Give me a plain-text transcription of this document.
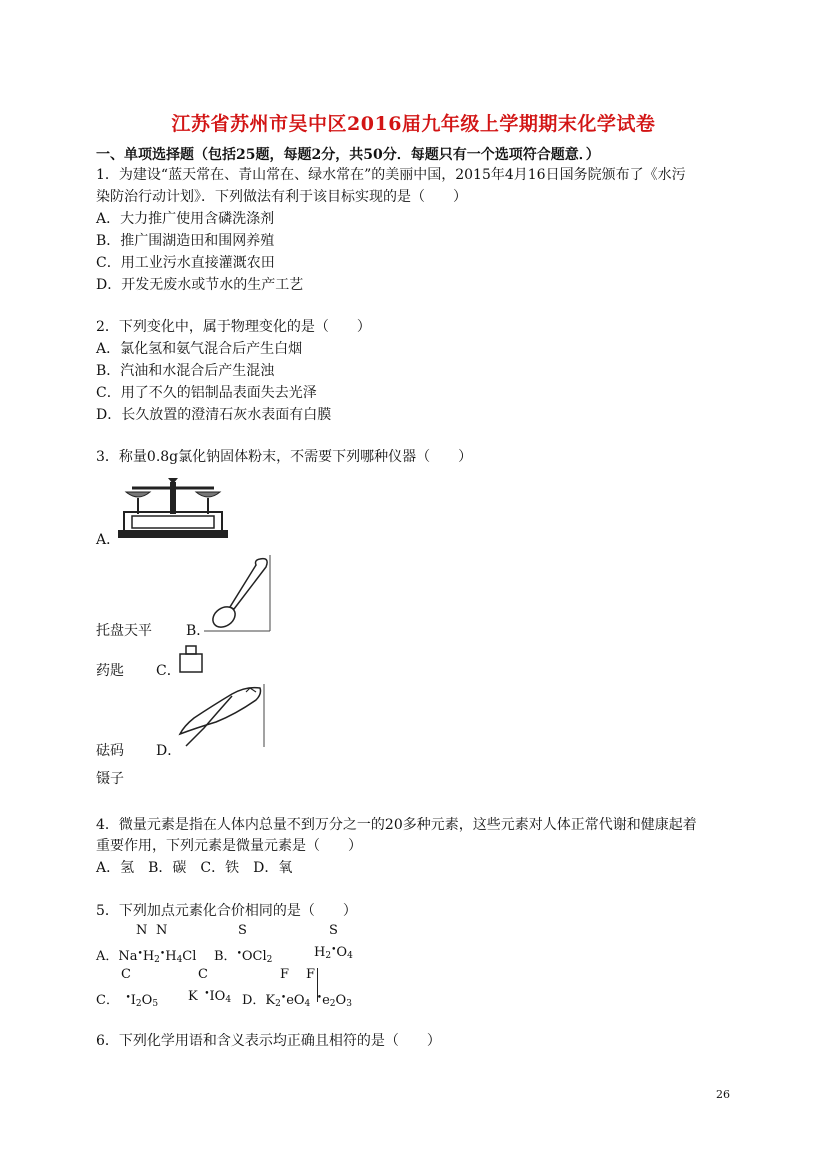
江苏省苏州市吴中区2016届九年级上学期期末化学试卷
一、单项选择题（包括25题，每题2分，共50分．每题只有一个选项符合题意．）
1．为建设“蓝天常在、青山常在、绿水常在”的美丽中国，2015年4月16日国务院颁布了《水污
染防治行动计划》．下列做法有利于该目标实现的是（　　）
A．大力推广使用含磷洗涤剂
B．推广围湖造田和围网养殖
C．用工业污水直接灌溉农田
D．开发无废水或节水的生产工艺
2．下列变化中，属于物理变化的是（　　）
A．氯化氢和氨气混合后产生白烟
B．汽油和水混合后产生混浊
C．用了不久的铝制品表面失去光泽
D．长久放置的澄清石灰水表面有白膜
3．称量0.8g氯化钠固体粉末，不需要下列哪种仪器（　　）
A．
托盘天平 B．
药匙 C．
砝码 D．
镊子
4．微量元素是指在人体内总量不到万分之一的20多种元素，这些元素对人体正常代谢和健康起着
重要作用，下列元素是微量元素是（　　）
A．氢　B．碳　C．铁　D．氧
5．下列加点元素化合价相同的是（　　）
N N	S	S
A．$Na^•H_2^•H_4Cl$ B．•OCl$_2$	$H_2^•O_4$
C	C	F F
C．  $^•I_2O_5$ K  $^•IO_4$ D．$K_2^•eO_4$ $^•e_2O_3$
6．下列化学用语和含义表示均正确且相符的是（　　）
26
